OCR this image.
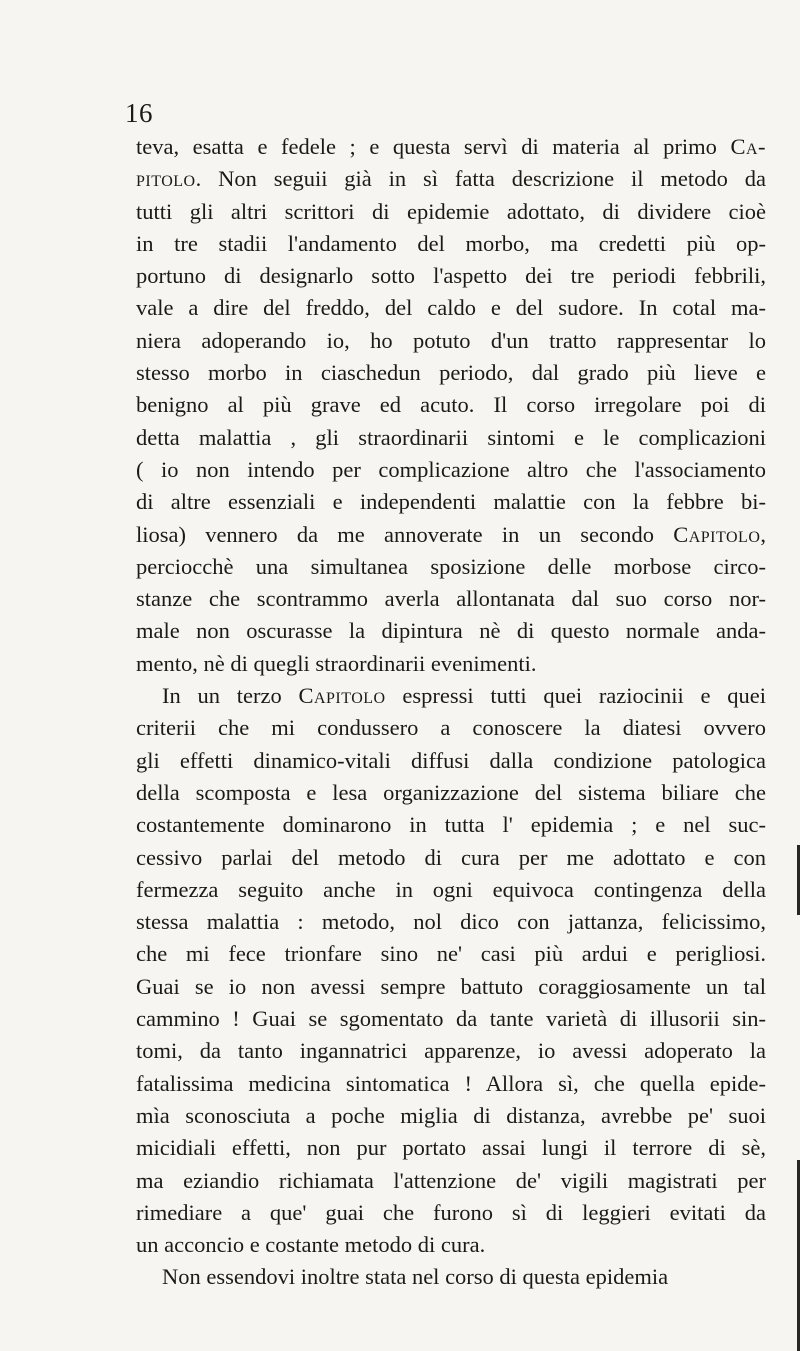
16
teva, esatta e fedele ; e questa servì di materia al primo Ca-
pitolo. Non seguii già in sì fatta descrizione il metodo da
tutti gli altri scrittori di epidemie adottato, di dividere cioè
in tre stadii l'andamento del morbo, ma credetti più op-
portuno di designarlo sotto l'aspetto dei tre periodi febbrili,
vale a dire del freddo, del caldo e del sudore. In cotal ma-
niera adoperando io, ho potuto d'un tratto rappresentar lo
stesso morbo in ciaschedun periodo, dal grado più lieve e
benigno al più grave ed acuto. Il corso irregolare poi di
detta malattia , gli straordinarii sintomi e le complicazioni
( io non intendo per complicazione altro che l'associamento
di altre essenziali e independenti malattie con la febbre bi-
liosa) vennero da me annoverate in un secondo Capitolo,
perciocchè una simultanea sposizione delle morbose circo-
stanze che scontrammo averla allontanata dal suo corso nor-
male non oscurasse la dipintura nè di questo normale anda-
mento, nè di quegli straordinarii evenimenti.
In un terzo Capitolo espressi tutti quei raziocinii e quei
criterii che mi condussero a conoscere la diatesi ovvero
gli effetti dinamico-vitali diffusi dalla condizione patologica
della scomposta e lesa organizzazione del sistema biliare che
costantemente dominarono in tutta l' epidemia ; e nel suc-
cessivo parlai del metodo di cura per me adottato e con
fermezza seguito anche in ogni equivoca contingenza della
stessa malattia : metodo, nol dico con jattanza, felicissimo,
che mi fece trionfare sino ne' casi più ardui e perigliosi.
Guai se io non avessi sempre battuto coraggiosamente un tal
cammino ! Guai se sgomentato da tante varietà di illusorii sin-
tomi, da tanto ingannatrici apparenze, io avessi adoperato la
fatalissima medicina sintomatica ! Allora sì, che quella epide-
mìa sconosciuta a poche miglia di distanza, avrebbe pe' suoi
micidiali effetti, non pur portato assai lungi il terrore di sè,
ma eziandio richiamata l'attenzione de' vigili magistrati per
rimediare a que' guai che furono sì di leggieri evitati da
un acconcio e costante metodo di cura.
Non essendovi inoltre stata nel corso di questa epidemia
